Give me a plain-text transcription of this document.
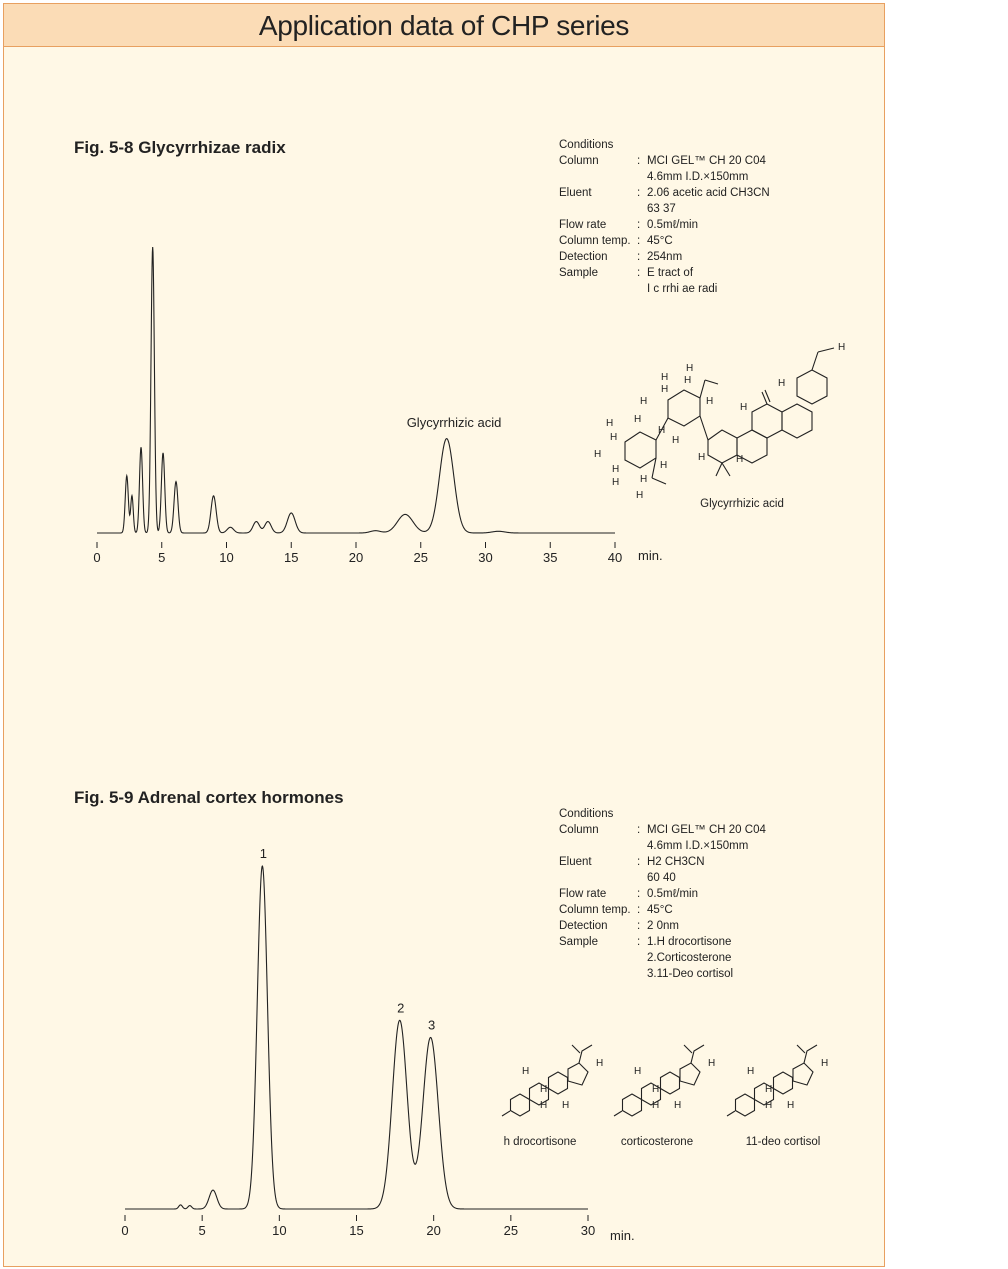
Application data of CHP series
Fig. 5-8 Glycyrrhizae radix	Conditions
Column	:	MCI GEL™ CH 20 C04
		4.6mm I.D.×150mm
Eluent	:	2.06 acetic acid CH3CN
		63 37
Flow rate	:	0.5mℓ/min
Column temp.	:	45°C
Detection	:	254nm
Sample	:	E tract of
		I c rrhi ae radi
Fig. 5-9 Adrenal cortex hormones
Conditions
Column	:	MCI GEL™ CH 20 C04
		4.6mm I.D.×150mm
Eluent	:	H2 CH3CN
		60 40
Flow rate	:	0.5mℓ/min
Column temp.	:	45°C
Detection	:	2 0nm
Sample	:	1.H drocortisone
		2.Corticosterone
		3.11-Deo cortisol
0	5	10	15	20	25	30	35	40 min.
Glycyrrhizic acid	H
H
H
H
H H
H
H
H
H
H
H
H
H
H
H
H
H
H	H
H
H
Glycyrrhizic acid
0	5	10	15	20	25	30 min.
1
2
3
H
H
H H
H
H
H
H H
H
H
H
H H
H
h drocortisone	corticosterone	11-deo cortisol
